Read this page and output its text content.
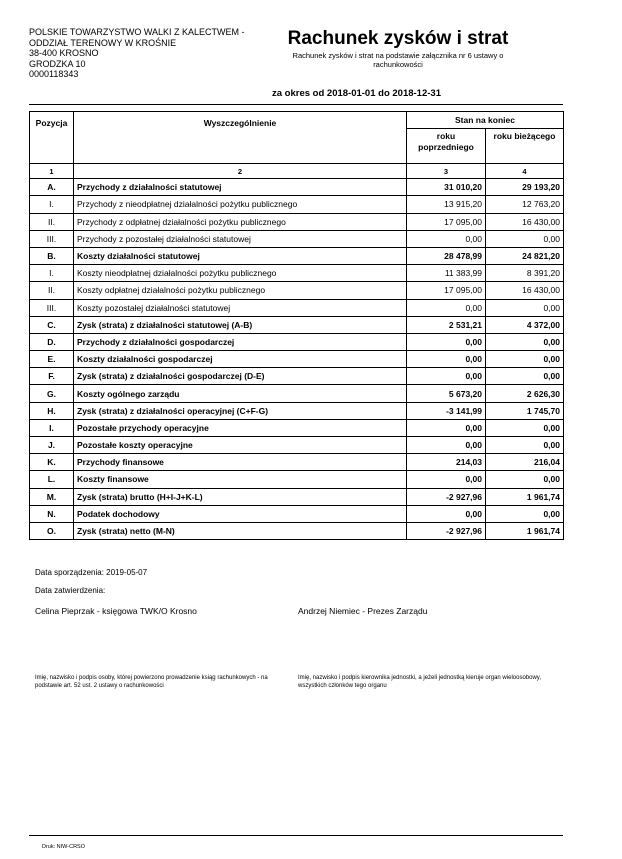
POLSKIE TOWARZYSTWO WALKI Z KALECTWEM -
ODDZIAŁ TERENOWY W KROŚNIE
38-400 KROSNO
GRODZKA 10
0000118343
Rachunek zysków i strat
Rachunek zysków i strat na podstawie załącznika nr 6 ustawy o rachunkowości
za okres od 2018-01-01 do 2018-12-31
Pozycja	Wyszczególnienie	Stan na koniec	
		roku poprzedniego	roku bieżącego
1	2	3	4
A.	Przychody z działalności statutowej	31 010,20	29 193,20
I.	Przychody z nieodpłatnej działalności pożytku publicznego	13 915,20	12 763,20
II.	Przychody z odpłatnej działalności pożytku publicznego	17 095,00	16 430,00
III.	Przychody z pozostałej działalności statutowej	0,00	0,00
B.	Koszty działalności statutowej	28 478,99	24 821,20
I.	Koszty nieodpłatnej działalności pożytku publicznego	11 383,99	8 391,20
II.	Koszty odpłatnej działalności pożytku publicznego	17 095,00	16 430,00
III.	Koszty pozostałej działalności statutowej	0,00	0,00
C.	Zysk (strata) z działalności statutowej (A-B)	2 531,21	4 372,00
D.	Przychody z działalności gospodarczej	0,00	0,00
E.	Koszty działalności gospodarczej	0,00	0,00
F.	Zysk (strata) z działalności gospodarczej (D-E)	0,00	0,00
G.	Koszty ogólnego zarządu	5 673,20	2 626,30
H.	Zysk (strata) z działalności operacyjnej (C+F-G)	-3 141,99	1 745,70
I.	Pozostałe przychody operacyjne	0,00	0,00
J.	Pozostałe koszty operacyjne	0,00	0,00
K.	Przychody finansowe	214,03	216,04
L.	Koszty finansowe	0,00	0,00
M.	Zysk (strata) brutto (H+I-J+K-L)	-2 927,96	1 961,74
N.	Podatek dochodowy	0,00	0,00
O.	Zysk (strata) netto (M-N)	-2 927,96	1 961,74
Data sporządzenia: 2019-05-07
Data zatwierdzenia:
Celina Pieprzak - księgowa TWK/O Krosno	Andrzej Niemiec - Prezes Zarządu
Imię, nazwisko i podpis osoby, której powierzono prowadzenie ksiąg rachunkowych - na podstawie art. 52 ust. 2 ustawy o rachunkowości
Imię, nazwisko i podpis kierownika jednostki, a jeżeli jednostką kieruje organ wieloosobowy, wszystkich członków tego organu
Druk: NIW-CRSO
